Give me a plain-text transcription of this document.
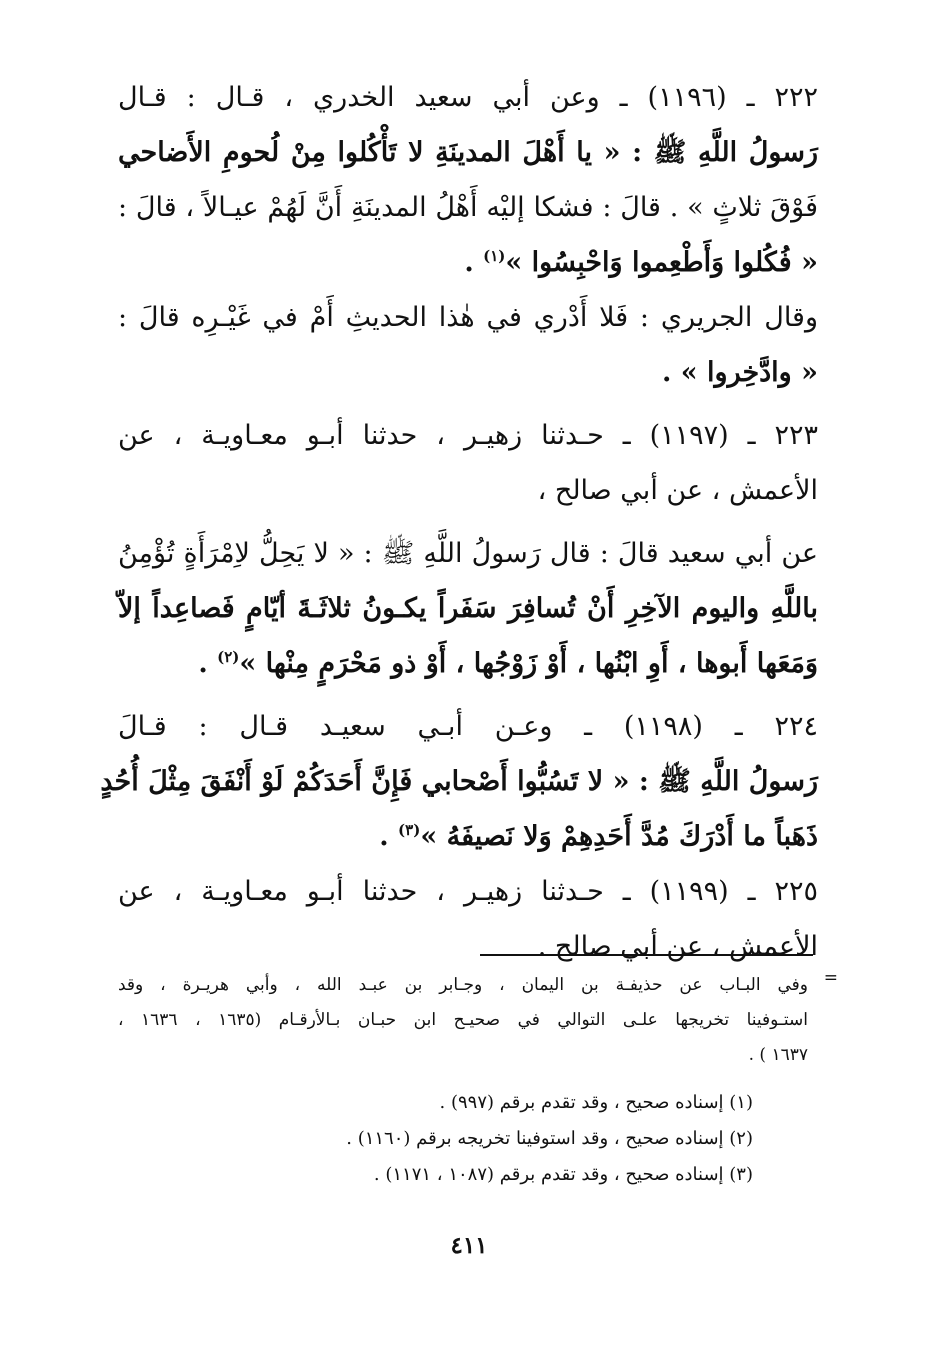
٢٢٢ ـ (١١٩٦) ـ وعن أبي سعيد الخدري ، قـال : قـال
رَسولُ اللَّهِ ﷺ : « يا أَهْلَ المدينَةِ لا تَأْكُلوا مِنْ لُحومِ الأَضاحي
فَوْقَ ثلاثٍ » . قالَ : فشكا إليْه أَهْلُ المدينَةِ أَنَّ لَهُمْ عيـالاً ، قالَ :
« فُكُلوا وَأَطْعِموا وَاحْبِسُوا »$^{(١)}$ .
وقال الجريري : فَلا أَدْري في هٰذا الحديثِ أَمْ في غَيْـرِه قالَ :
« وادَّخِروا » .
٢٢٣ ـ (١١٩٧) ـ حـدثنا زهيـر ، حدثنا أبـو معـاويـة ، عن
الأعمش ، عن أبي صالح ،
عن أبي سعيد قالَ : قال رَسولُ اللَّهِ ﷺ : « لا يَحِلُّ لاِمْرَأَةٍ تُؤْمِنُ
باللَّهِ واليوم الآخِرِ أَنْ تُسافِرَ سَفَراً يكـونُ ثلاثَـةَ أيّامٍ فَصاعِداً إلاّ
وَمَعَها أَبوها ، أَوِ ابْنُها ، أَوْ زَوْجُها ، أَوْ ذو مَحْرَمٍ مِنْها »$^{(٢)}$ .
٢٢٤ ـ (١١٩٨) ـ وعـن أبـي سعيـد قـال : قـالَ
رَسولُ اللَّهِ ﷺ : « لا تَسُبُّوا أَصْحابي فَإِنَّ أَحَدَكُمْ لَوْ أَنْفَقَ مِثْلَ أُحُدٍ
ذَهَباً ما أَدْرَكَ مُدَّ أَحَدِهِمْ وَلا نَصيفَهُ »$^{(٣)}$ .
٢٢٥ ـ (١١٩٩) ـ حـدثنا زهيـر ، حدثنا أبـو معـاويـة ، عن
الأعمش ، عن أبي صالح .
=
وفي البـاب عن حذيفـة بن اليمان ، وجـابر بن عبـد الله ، وأبي هريـرة ، وقد
استـوفينا تخريجها علـى التوالي في صحيـح ابن حبـان بـالأرقـام (١٦٣٥ ، ١٦٣٦ ،
١٦٣٧ ) .
(١) إسناده صحيح ، وقد تقدم برقم (٩٩٧) .
(٢) إسناده صحيح ، وقد استوفينا تخريجه برقم (١١٦٠) .
(٣) إسناده صحيح ، وقد تقدم برقم (١٠٨٧ ، ١١٧١) .
٤١١
